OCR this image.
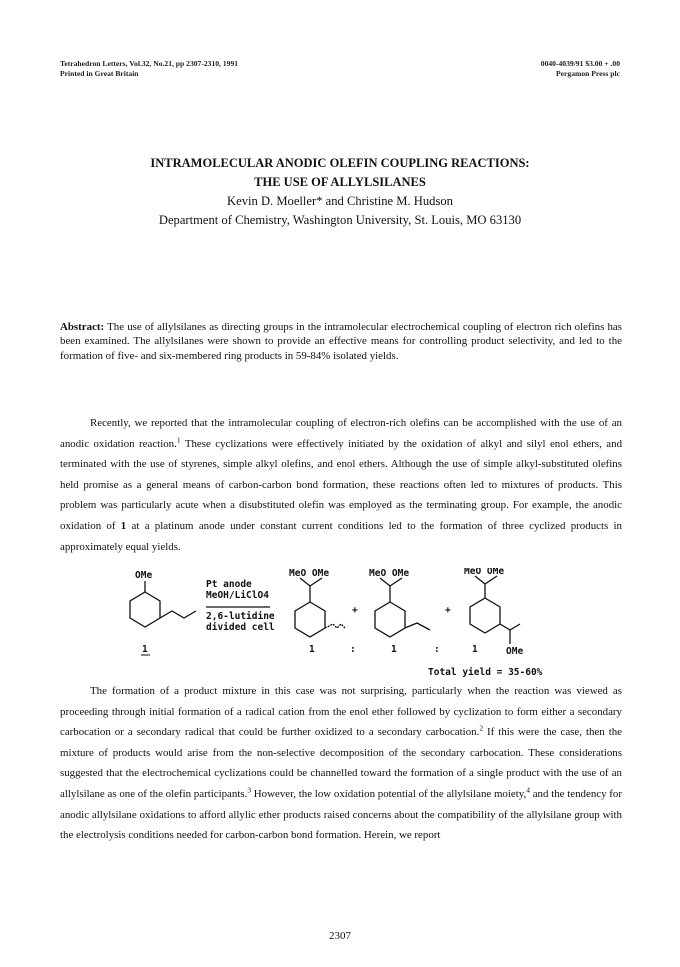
Tetrahedron Letters, Vol.32, No.21, pp 2307-2310, 1991
Printed in Great Britain
0040-4039/91 $3.00 + .00
Pergamon Press plc
INTRAMOLECULAR ANODIC OLEFIN COUPLING REACTIONS:
THE USE OF ALLYLSILANES
Kevin D. Moeller* and Christine M. Hudson
Department of Chemistry, Washington University, St. Louis, MO 63130
Abstract: The use of allylsilanes as directing groups in the intramolecular electrochemical coupling of electron rich olefins has been examined. The allylsilanes were shown to provide an effective means for controlling product selectivity, and led to the formation of five- and six-membered ring products in 59-84% isolated yields.
Recently, we reported that the intramolecular coupling of electron-rich olefins can be accomplished with the use of an anodic oxidation reaction.$^1$ These cyclizations were effectively initiated by the oxidation of alkyl and silyl enol ethers, and terminated with the use of styrenes, simple alkyl olefins, and enol ethers. Although the use of simple alkyl-substituted olefins held promise as a general means of carbon-carbon bond formation, these reactions often led to mixtures of products. This problem was particularly acute when a disubstituted olefin was employed as the terminating group. For example, the anodic oxidation of 1 at a platinum anode under constant current conditions led to the formation of three cyclized products in approximately equal yields.
OMe
Pt anode
MeOH/LiClO4
2,6-lutidine
divided cell
MeO OMe	MeO OMe	MeO OMe
OMe
+	+
1	1	:	1	:	1
Total yield = 35-60%
The formation of a product mixture in this case was not surprising, particularly when the reaction was viewed as proceeding through initial formation of a radical cation from the enol ether followed by cyclization to form either a secondary carbocation or a secondary radical that could be further oxidized to a secondary carbocation.$^2$ If this were the case, then the mixture of products would arise from the non-selective decomposition of the secondary carbocation. These considerations suggested that the electrochemical cyclizations could be channelled toward the formation of a single product with the use of an allylsilane as one of the olefin participants.$^3$ However, the low oxidation potential of the allylsilane moiety,$^4$ and the tendency for anodic allylsilane oxidations to afford allylic ether products raised concerns about the compatibility of the allylsilane group with the electrolysis conditions needed for carbon-carbon bond formation. Herein, we report
2307
